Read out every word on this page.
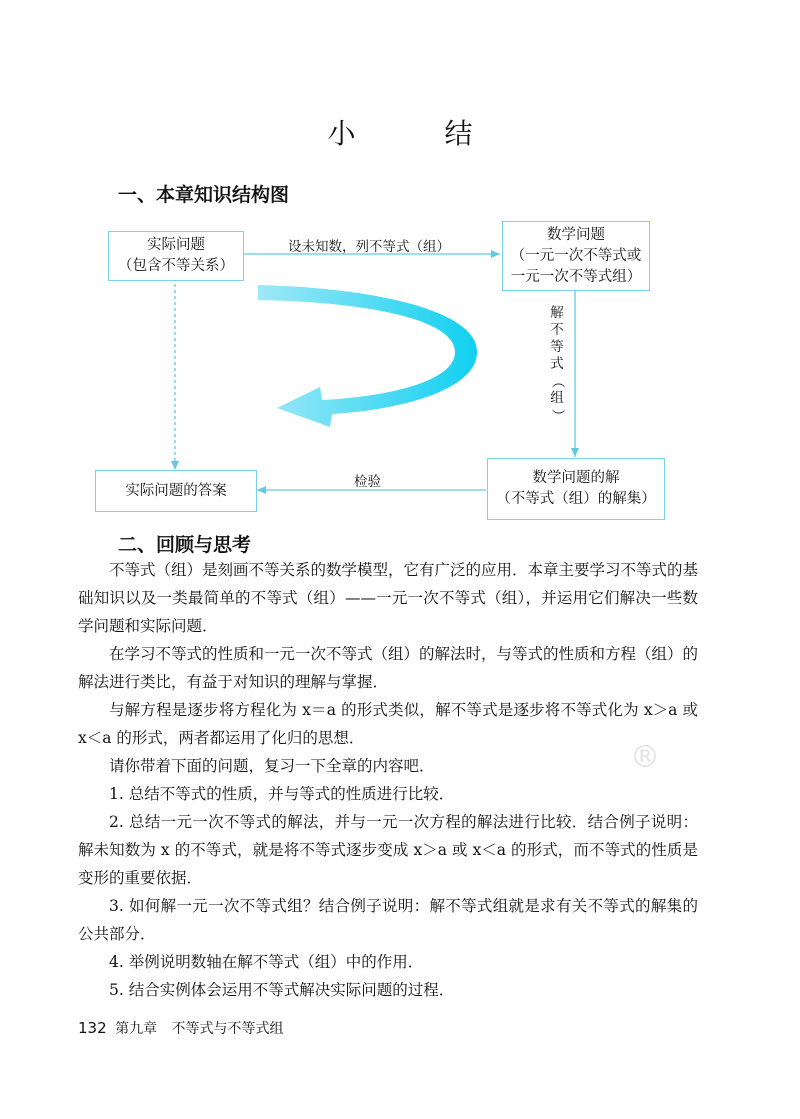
小 结
一、本章知识结构图
实际问题
（包含不等关系）
数学问题
（一元一次不等式或
一元一次不等式组）
数学问题的解
（不等式（组）的解集）
实际问题的答案
设未知数，列不等式（组）
解
不
等
式
（
组
）
检验
二、回顾与思考
不等式（组）是刻画不等关系的数学模型，它有广泛的应用．本章主要学习不等式的基础知识以及一类最简单的不等式（组）——一元一次不等式（组），并运用它们解决一些数学问题和实际问题．
在学习不等式的性质和一元一次不等式（组）的解法时，与等式的性质和方程（组）的解法进行类比，有益于对知识的理解与掌握．
与解方程是逐步将方程化为 x＝a 的形式类似，解不等式是逐步将不等式化为 x＞a 或 x＜a 的形式，两者都运用了化归的思想．
请你带着下面的问题，复习一下全章的内容吧．
1. 总结不等式的性质，并与等式的性质进行比较．
2. 总结一元一次不等式的解法，并与一元一次方程的解法进行比较．结合例子说明：解未知数为 x 的不等式，就是将不等式逐步变成 x＞a 或 x＜a 的形式，而不等式的性质是变形的重要依据．
3. 如何解一元一次不等式组？结合例子说明：解不等式组就是求有关不等式的解集的公共部分．
4. 举例说明数轴在解不等式（组）中的作用．
5. 结合实例体会运用不等式解决实际问题的过程．
®
132 第九章 不等式与不等式组
